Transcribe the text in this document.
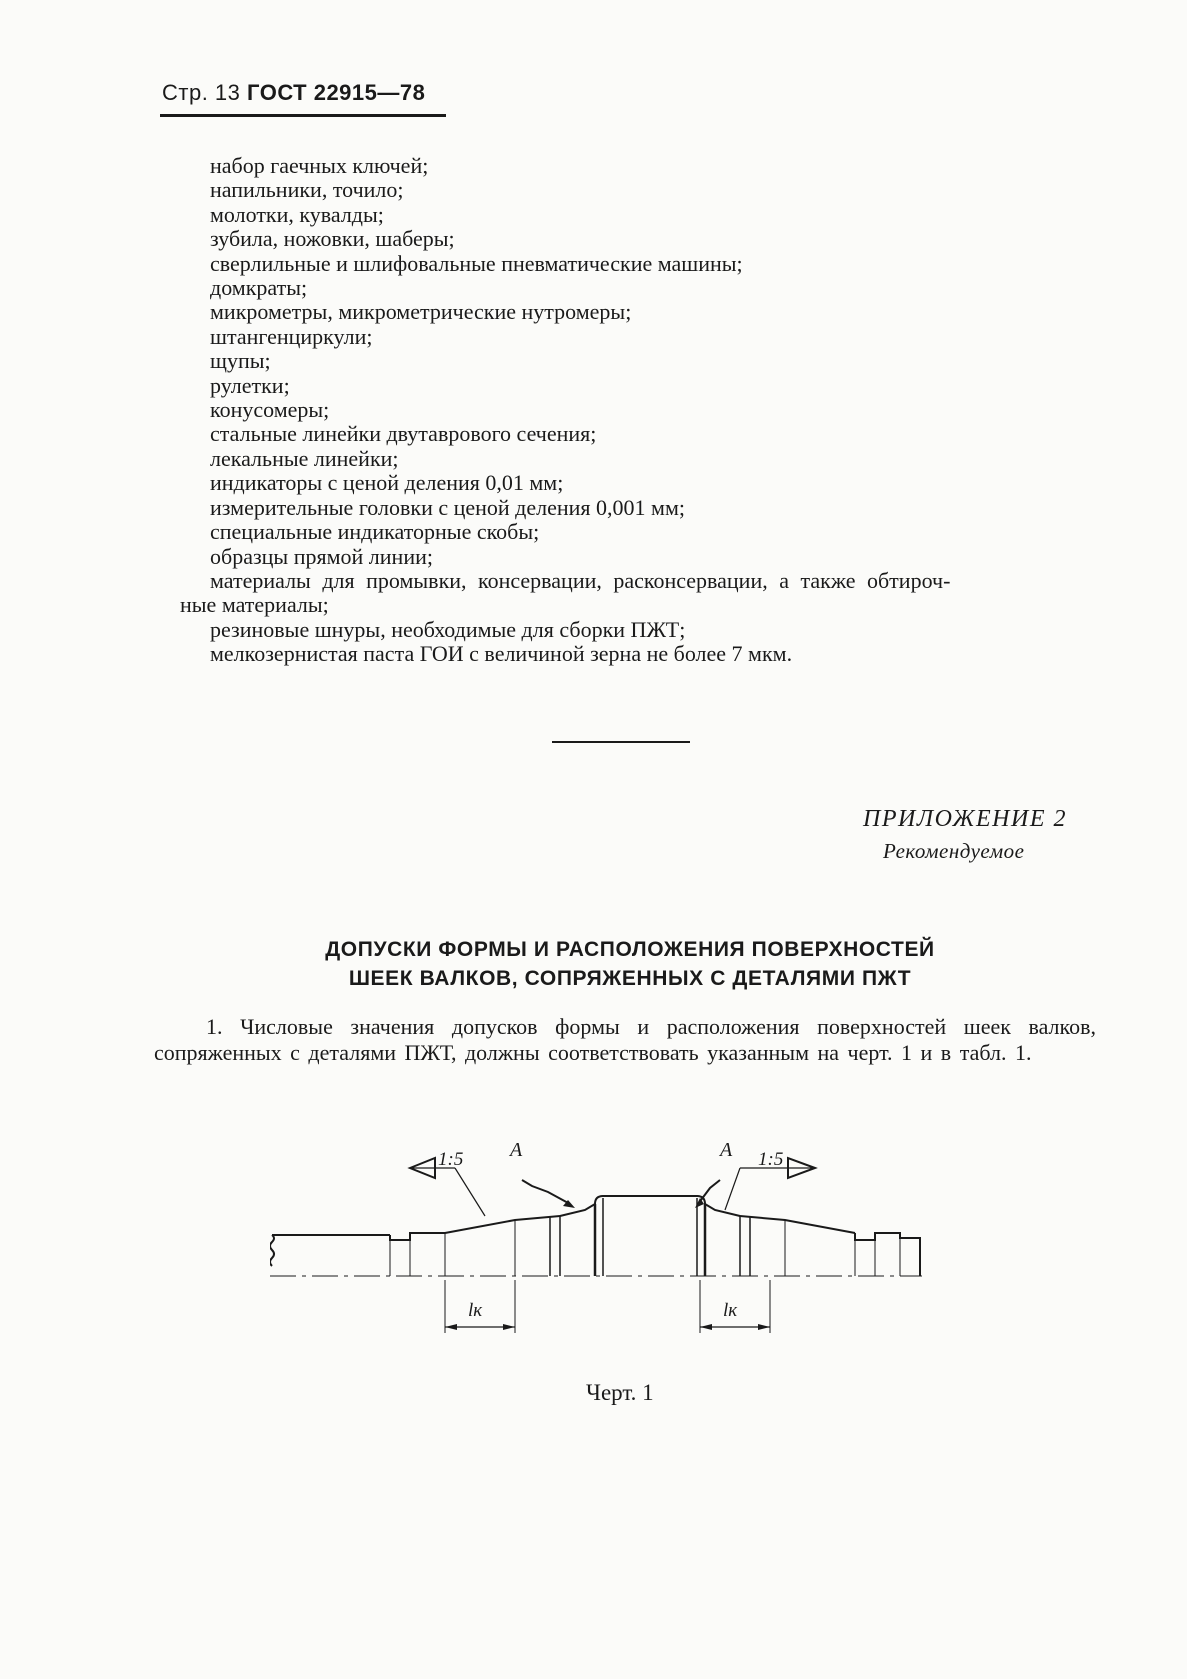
Стр. 13 ГОСТ 22915—78
набор гаечных ключей;
напильники, точило;
молотки, кувалды;
зубила, ножовки, шаберы;
сверлильные и шлифовальные пневматические машины;
домкраты;
микрометры, микрометрические нутромеры;
штангенциркули;
щупы;
рулетки;
конусомеры;
стальные линейки двутаврового сечения;
лекальные линейки;
индикаторы с ценой деления 0,01 мм;
измерительные головки с ценой деления 0,001 мм;
специальные индикаторные скобы;
образцы прямой линии;
материалы для промывки, консервации, расконсервации, а также обтироч-
ные материалы;
резиновые шнуры, необходимые для сборки ПЖТ;
мелкозернистая паста ГОИ с величиной зерна не более 7 мкм.
ПРИЛОЖЕНИЕ 2
Рекомендуемое
ДОПУСКИ ФОРМЫ И РАСПОЛОЖЕНИЯ ПОВЕРХНОСТЕЙ
ШЕЕК ВАЛКОВ, СОПРЯЖЕННЫХ С ДЕТАЛЯМИ ПЖТ

1. Числовые значения допусков формы и расположения поверхностей шеек валков, сопряженных с деталями ПЖТ, должны соответствовать указанным на черт. 1 и в табл. 1.

A	A
1:5	1:5
lк	lк
Черт. 1
